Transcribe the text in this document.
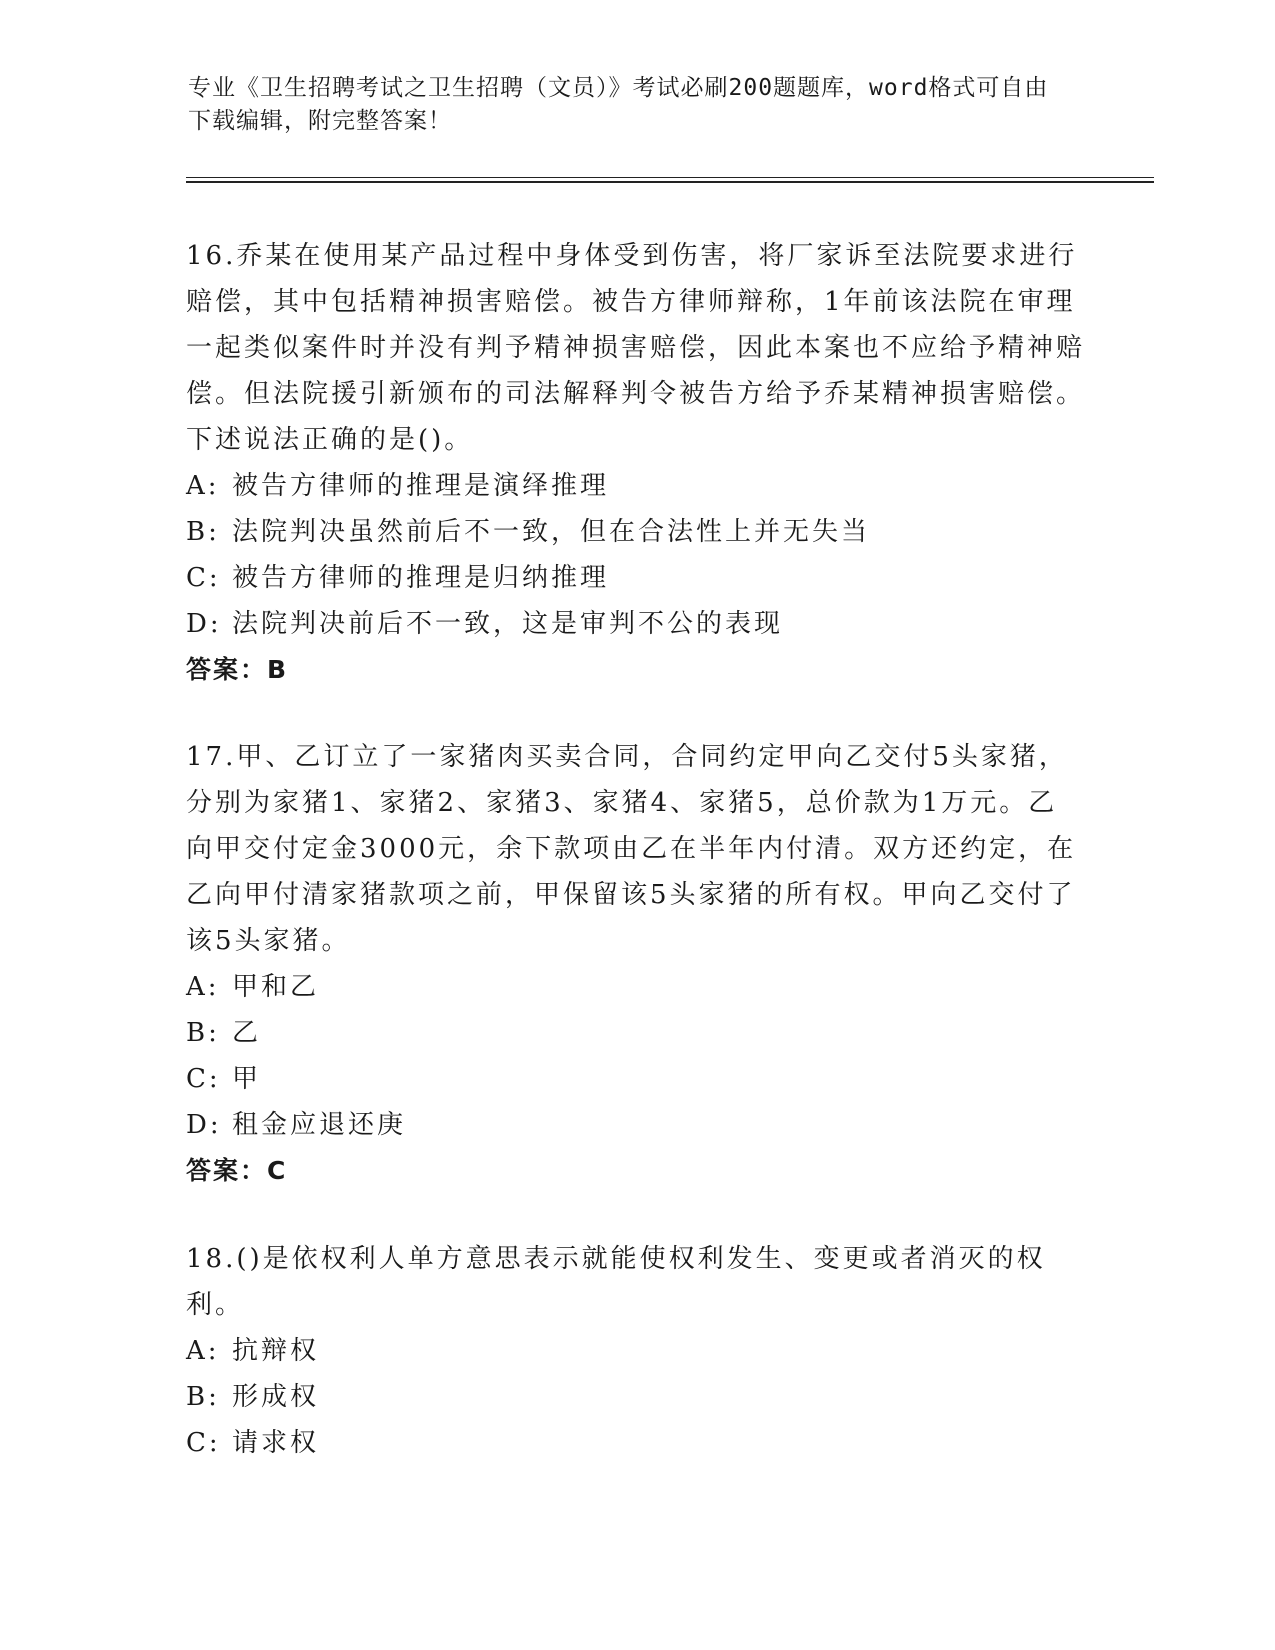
专业《卫生招聘考试之卫生招聘（文员）》考试必刷200题题库，word格式可自由下载编辑，附完整答案！

16.乔某在使用某产品过程中身体受到伤害，将厂家诉至法院要求进行赔偿，其中包括精神损害赔偿。被告方律师辩称，1年前该法院在审理一起类似案件时并没有判予精神损害赔偿，因此本案也不应给予精神赔偿。但法院援引新颁布的司法解释判令被告方给予乔某精神损害赔偿。下述说法正确的是()。

A: 被告方律师的推理是演绎推理

B: 法院判决虽然前后不一致，但在合法性上并无失当

C: 被告方律师的推理是归纳推理

D: 法院判决前后不一致，这是审判不公的表现

答案：B

17.甲、乙订立了一家猪肉买卖合同，合同约定甲向乙交付5头家猪，分别为家猪1、家猪2、家猪3、家猪4、家猪5，总价款为1万元。乙向甲交付定金3000元，余下款项由乙在半年内付清。双方还约定，在乙向甲付清家猪款项之前，甲保留该5头家猪的所有权。甲向乙交付了该5头家猪。

A: 甲和乙

B: 乙

C: 甲

D: 租金应退还庚

答案：C

18.()是依权利人单方意思表示就能使权利发生、变更或者消灭的权利。

A: 抗辩权

B: 形成权

C: 请求权
